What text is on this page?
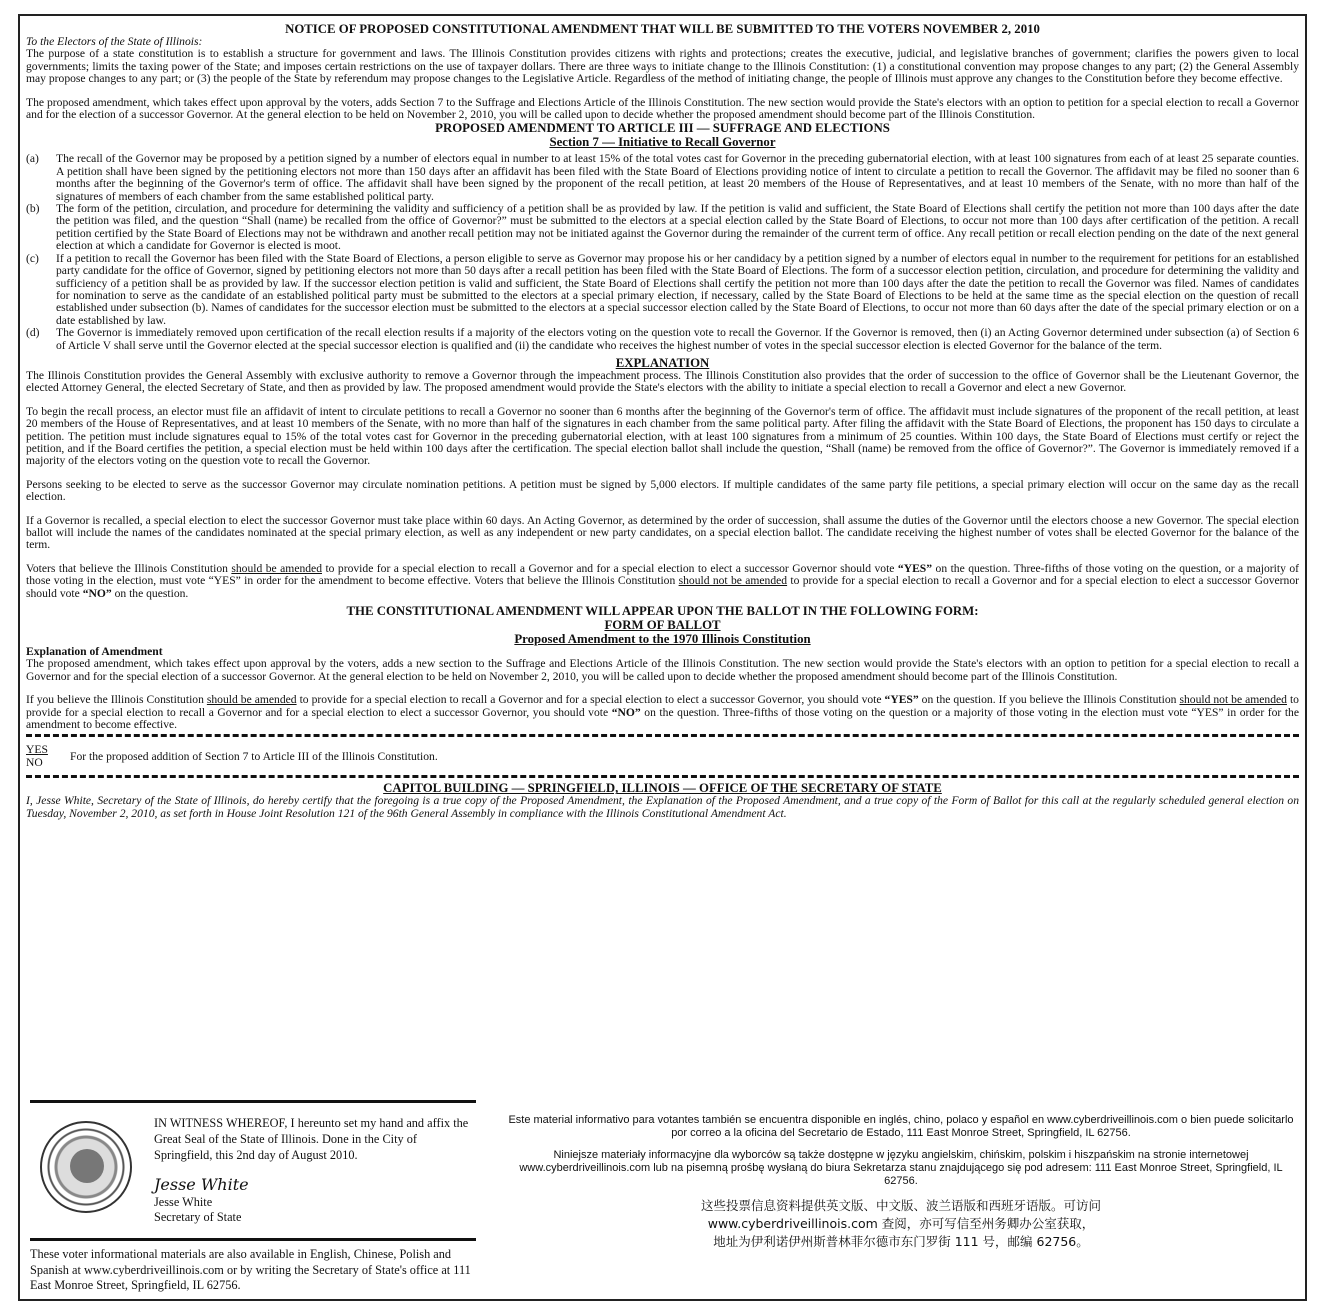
NOTICE OF PROPOSED CONSTITUTIONAL AMENDMENT THAT WILL BE SUBMITTED TO THE VOTERS NOVEMBER 2, 2010

To the Electors of the State of Illinois:

The purpose of a state constitution is to establish a structure for government and laws. The Illinois Constitution provides citizens with rights and protections; creates the executive, judicial, and legislative branches of government; clarifies the powers given to local governments; limits the taxing power of the State; and imposes certain restrictions on the use of taxpayer dollars. There are three ways to initiate change to the Illinois Constitution: (1) a constitutional convention may propose changes to any part; (2) the General Assembly may propose changes to any part; or (3) the people of the State by referendum may propose changes to the Legislative Article. Regardless of the method of initiating change, the people of Illinois must approve any changes to the Constitution before they become effective.

The proposed amendment, which takes effect upon approval by the voters, adds Section 7 to the Suffrage and Elections Article of the Illinois Constitution. The new section would provide the State's electors with an option to petition for a special election to recall a Governor and for the election of a successor Governor. At the general election to be held on November 2, 2010, you will be called upon to decide whether the proposed amendment should become part of the Illinois Constitution.

PROPOSED AMENDMENT TO ARTICLE III — SUFFRAGE AND ELECTIONS
Section 7 — Initiative to Recall Governor
(a)	The recall of the Governor may be proposed by a petition signed by a number of electors equal in number to at least 15% of the total votes cast for Governor in the preceding gubernatorial election, with at least 100 signatures from each of at least 25 separate counties. A petition shall have been signed by the petitioning electors not more than 150 days after an affidavit has been filed with the State Board of Elections providing notice of intent to circulate a petition to recall the Governor. The affidavit may be filed no sooner than 6 months after the beginning of the Governor's term of office. The affidavit shall have been signed by the proponent of the recall petition, at least 20 members of the House of Representatives, and at least 10 members of the Senate, with no more than half of the signatures of members of each chamber from the same established political party.
(b)	The form of the petition, circulation, and procedure for determining the validity and sufficiency of a petition shall be as provided by law. If the petition is valid and sufficient, the State Board of Elections shall certify the petition not more than 100 days after the date the petition was filed, and the question “Shall (name) be recalled from the office of Governor?” must be submitted to the electors at a special election called by the State Board of Elections, to occur not more than 100 days after certification of the petition. A recall petition certified by the State Board of Elections may not be withdrawn and another recall petition may not be initiated against the Governor during the remainder of the current term of office. Any recall petition or recall election pending on the date of the next general election at which a candidate for Governor is elected is moot.
(c)	If a petition to recall the Governor has been filed with the State Board of Elections, a person eligible to serve as Governor may propose his or her candidacy by a petition signed by a number of electors equal in number to the requirement for petitions for an established party candidate for the office of Governor, signed by petitioning electors not more than 50 days after a recall petition has been filed with the State Board of Elections. The form of a successor election petition, circulation, and procedure for determining the validity and sufficiency of a petition shall be as provided by law. If the successor election petition is valid and sufficient, the State Board of Elections shall certify the petition not more than 100 days after the date the petition to recall the Governor was filed. Names of candidates for nomination to serve as the candidate of an established political party must be submitted to the electors at a special primary election, if necessary, called by the State Board of Elections to be held at the same time as the special election on the question of recall established under subsection (b). Names of candidates for the successor election must be submitted to the electors at a special successor election called by the State Board of Elections, to occur not more than 60 days after the date of the special primary election or on a date established by law.
(d)	The Governor is immediately removed upon certification of the recall election results if a majority of the electors voting on the question vote to recall the Governor. If the Governor is removed, then (i) an Acting Governor determined under subsection (a) of Section 6 of Article V shall serve until the Governor elected at the special successor election is qualified and (ii) the candidate who receives the highest number of votes in the special successor election is elected Governor for the balance of the term.
EXPLANATION

The Illinois Constitution provides the General Assembly with exclusive authority to remove a Governor through the impeachment process. The Illinois Constitution also provides that the order of succession to the office of Governor shall be the Lieutenant Governor, the elected Attorney General, the elected Secretary of State, and then as provided by law. The proposed amendment would provide the State's electors with the ability to initiate a special election to recall a Governor and elect a new Governor.

To begin the recall process, an elector must file an affidavit of intent to circulate petitions to recall a Governor no sooner than 6 months after the beginning of the Governor's term of office. The affidavit must include signatures of the proponent of the recall petition, at least 20 members of the House of Representatives, and at least 10 members of the Senate, with no more than half of the signatures in each chamber from the same political party. After filing the affidavit with the State Board of Elections, the proponent has 150 days to circulate a petition. The petition must include signatures equal to 15% of the total votes cast for Governor in the preceding gubernatorial election, with at least 100 signatures from a minimum of 25 counties. Within 100 days, the State Board of Elections must certify or reject the petition, and if the Board certifies the petition, a special election must be held within 100 days after the certification. The special election ballot shall include the question, “Shall (name) be removed from the office of Governor?”. The Governor is immediately removed if a majority of the electors voting on the question vote to recall the Governor.

Persons seeking to be elected to serve as the successor Governor may circulate nomination petitions. A petition must be signed by 5,000 electors. If multiple candidates of the same party file petitions, a special primary election will occur on the same day as the recall election.

If a Governor is recalled, a special election to elect the successor Governor must take place within 60 days. An Acting Governor, as determined by the order of succession, shall assume the duties of the Governor until the electors choose a new Governor. The special election ballot will include the names of the candidates nominated at the special primary election, as well as any independent or new party candidates, on a special election ballot. The candidate receiving the highest number of votes shall be elected Governor for the balance of the term.

Voters that believe the Illinois Constitution should be amended to provide for a special election to recall a Governor and for a special election to elect a successor Governor should vote “YES” on the question. Three-fifths of those voting on the question, or a majority of those voting in the election, must vote “YES” in order for the amendment to become effective. Voters that believe the Illinois Constitution should not be amended to provide for a special election to recall a Governor and for a special election to elect a successor Governor should vote “NO” on the question.

THE CONSTITUTIONAL AMENDMENT WILL APPEAR UPON THE BALLOT IN THE FOLLOWING FORM:
FORM OF BALLOT
Proposed Amendment to the 1970 Illinois Constitution

Explanation of Amendment

The proposed amendment, which takes effect upon approval by the voters, adds a new section to the Suffrage and Elections Article of the Illinois Constitution. The new section would provide the State's electors with an option to petition for a special election to recall a Governor and for the special election of a successor Governor. At the general election to be held on November 2, 2010, you will be called upon to decide whether the proposed amendment should become part of the Illinois Constitution.

If you believe the Illinois Constitution should be amended to provide for a special election to recall a Governor and for a special election to elect a successor Governor, you should vote “YES” on the question. If you believe the Illinois Constitution should not be amended to provide for a special election to recall a Governor and for a special election to elect a successor Governor, you should vote “NO” on the question. Three-fifths of those voting on the question or a majority of those voting in the election must vote “YES” in order for the amendment to become effective.

YES
NO	For the proposed addition of Section 7 to Article III of the Illinois Constitution.
CAPITOL BUILDING — SPRINGFIELD, ILLINOIS — OFFICE OF THE SECRETARY OF STATE

I, Jesse White, Secretary of the State of Illinois, do hereby certify that the foregoing is a true copy of the Proposed Amendment, the Explanation of the Proposed Amendment, and a true copy of the Form of Ballot for this call at the regularly scheduled general election on Tuesday, November 2, 2010, as set forth in House Joint Resolution 121 of the 96th General Assembly in compliance with the Illinois Constitutional Amendment Act.

IN WITNESS WHEREOF, I hereunto set my hand and affix the Great Seal of the State of Illinois. Done in the City of Springfield, this 2nd day of August 2010.
Jesse White
Jesse White
Secretary of State
These voter informational materials are also available in English, Chinese, Polish and Spanish at www.cyberdriveillinois.com or by writing the Secretary of State's office at 111 East Monroe Street, Springfield, IL 62756.
Este material informativo para votantes también se encuentra disponible en inglés, chino, polaco y español en www.cyberdriveillinois.com o bien puede solicitarlo por correo a la oficina del Secretario de Estado, 111 East Monroe Street, Springfield, IL 62756.
Niniejsze materiały informacyjne dla wyborców są także dostępne w języku angielskim, chińskim, polskim i hiszpańskim na stronie internetowej www.cyberdriveillinois.com lub na pisemną prośbę wysłaną do biura Sekretarza stanu znajdującego się pod adresem: 111 East Monroe Street, Springfield, IL 62756.
这些投票信息资料提供英文版、中文版、波兰语版和西班牙语版。可访问
www.cyberdriveillinois.com 查阅，亦可写信至州务卿办公室获取，
地址为伊利诺伊州斯普林菲尔德市东门罗街 111 号，邮编 62756。
